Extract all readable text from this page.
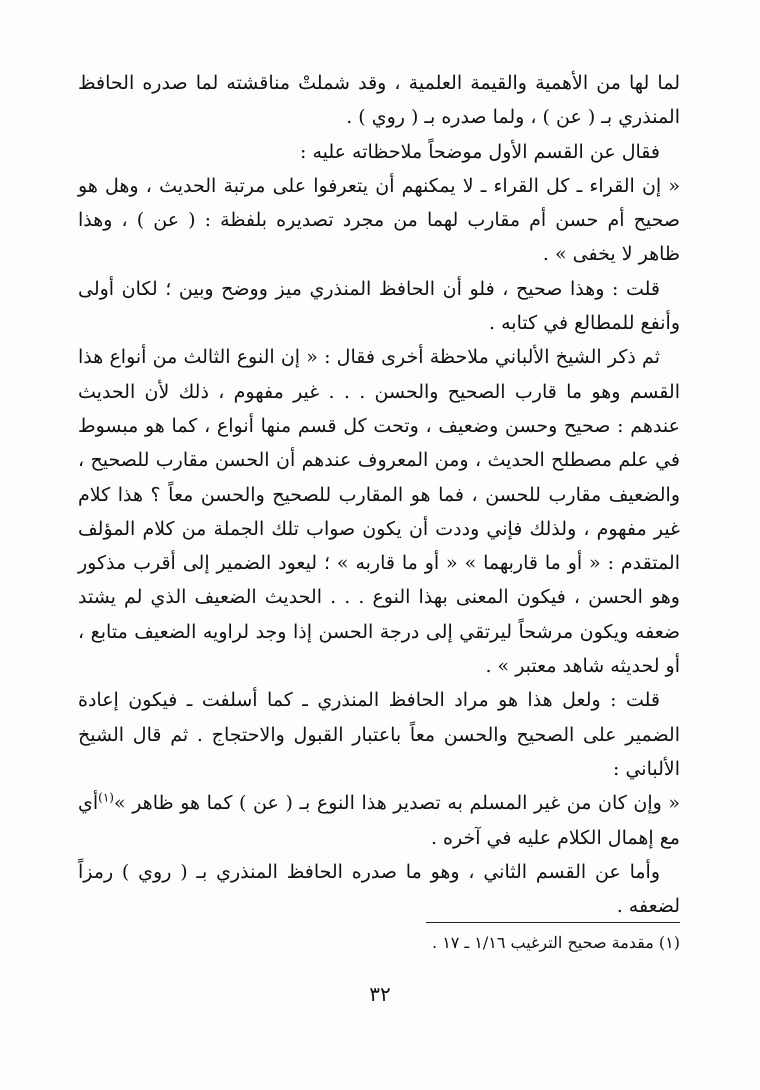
لما لها من الأهمية والقيمة العلمية ، وقد شملتْ مناقشته لما صدره الحافظ المنذري بـ ( عن ) ، ولما صدره بـ ( روي ) .

فقال عن القسم الأول موضحاً ملاحظاته عليه :

« إن القراء ـ كل القراء ـ لا يمكنهم أن يتعرفوا على مرتبة الحديث ، وهل هو صحيح أم حسن أم مقارب لهما من مجرد تصديره بلفظة : ( عن ) ، وهذا ظاهر لا يخفى » .

قلت : وهذا صحيح ، فلو أن الحافظ المنذري ميز ووضح وبين ؛ لكان أولى وأنفع للمطالع في كتابه .

ثم ذكر الشيخ الألباني ملاحظة أخرى فقال : « إن النوع الثالث من أنواع هذا القسم وهو ما قارب الصحيح والحسن . . . غير مفهوم ، ذلك لأن الحديث عندهم : صحيح وحسن وضعيف ، وتحت كل قسم منها أنواع ، كما هو مبسوط في علم مصطلح الحديث ، ومن المعروف عندهم أن الحسن مقارب للصحيح ، والضعيف مقارب للحسن ، فما هو المقارب للصحيح والحسن معاً ؟ هذا كلام غير مفهوم ، ولذلك فإني وددت أن يكون صواب تلك الجملة من كلام المؤلف المتقدم : « أو ما قاربهما » « أو ما قاربه » ؛ ليعود الضمير إلى أقرب مذكور وهو الحسن ، فيكون المعنى بهذا النوع . . . الحديث الضعيف الذي لم يشتد ضعفه ويكون مرشحاً ليرتقي إلى درجة الحسن إذا وجد لراويه الضعيف متابع ، أو لحديثه شاهد معتبر » .

قلت : ولعل هذا هو مراد الحافظ المنذري ـ كما أسلفت ـ فيكون إعادة الضمير على الصحيح والحسن معاً باعتبار القبول والاحتجاج . ثم قال الشيخ الألباني :

« وإن كان من غير المسلم به تصدير هذا النوع بـ ( عن ) كما هو ظاهر »$^{(١)}$أي مع إهمال الكلام عليه في آخره .

وأما عن القسم الثاني ، وهو ما صدره الحافظ المنذري بـ ( روي ) رمزاً لضعفه .

(١) مقدمة صحيح الترغيب ١/١٦ ـ ١٧ .
٣٢
